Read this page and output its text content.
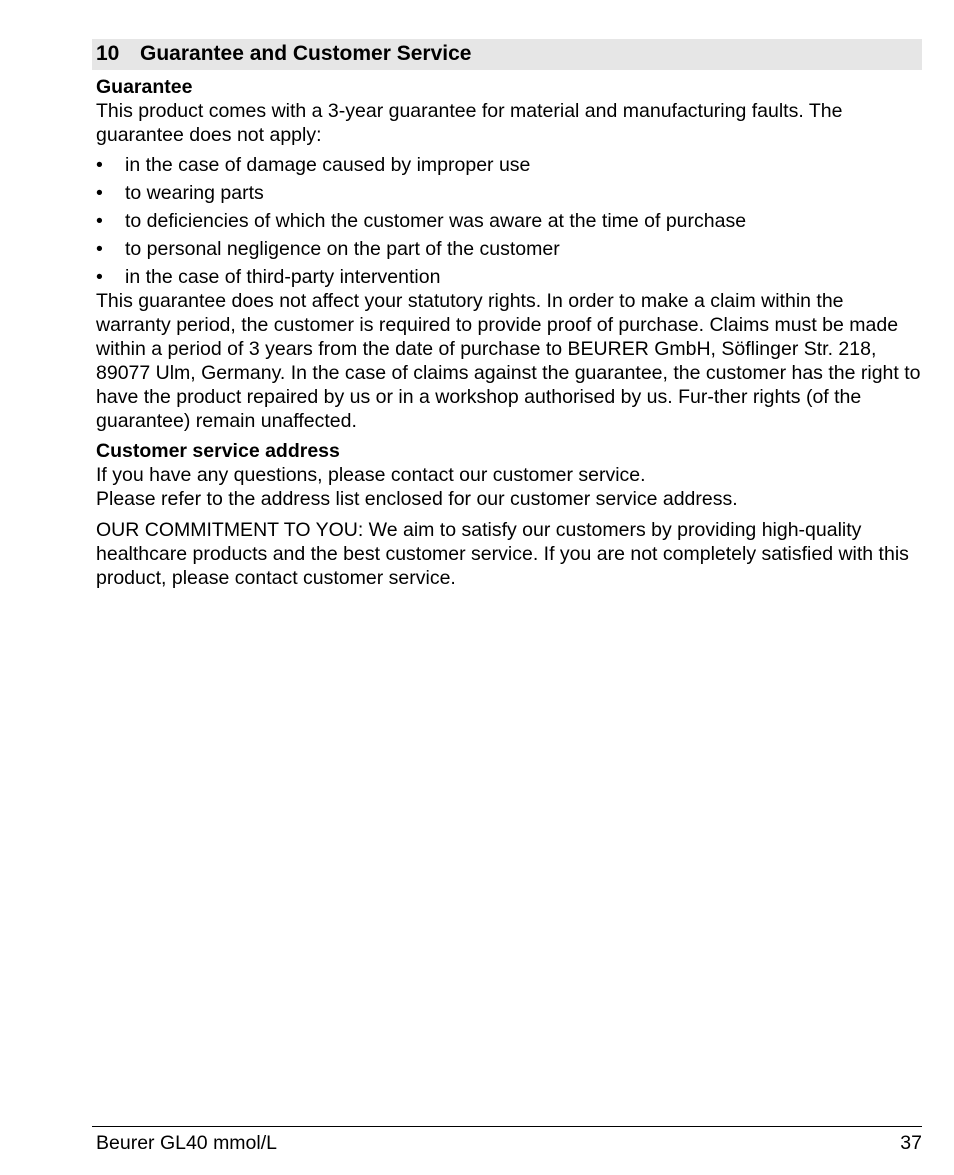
10 Guarantee and Customer Service

Guarantee

This product comes with a 3-year guarantee for material and manufacturing faults. The guarantee does not apply:

• in the case of damage caused by improper use
• to wearing parts
• to deficiencies of which the customer was aware at the time of purchase
• to personal negligence on the part of the customer
• in the case of third-party intervention

This guarantee does not affect your statutory rights. In order to make a claim within the warranty period, the customer is required to provide proof of purchase. Claims must be made within a period of 3 years from the date of purchase to BEURER GmbH, Söflinger Str. 218, 89077 Ulm, Germany. In the case of claims against the guarantee, the customer has the right to have the product repaired by us or in a workshop authorised by us. Fur-ther rights (of the guarantee) remain unaffected.

Customer service address

If you have any questions, please contact our customer service.

Please refer to the address list enclosed for our customer service address.

OUR COMMITMENT TO YOU: We aim to satisfy our customers by providing high-quality healthcare products and the best customer service. If you are not completely satisfied with this product, please contact customer service.

Beurer GL40 mmol/L	37
